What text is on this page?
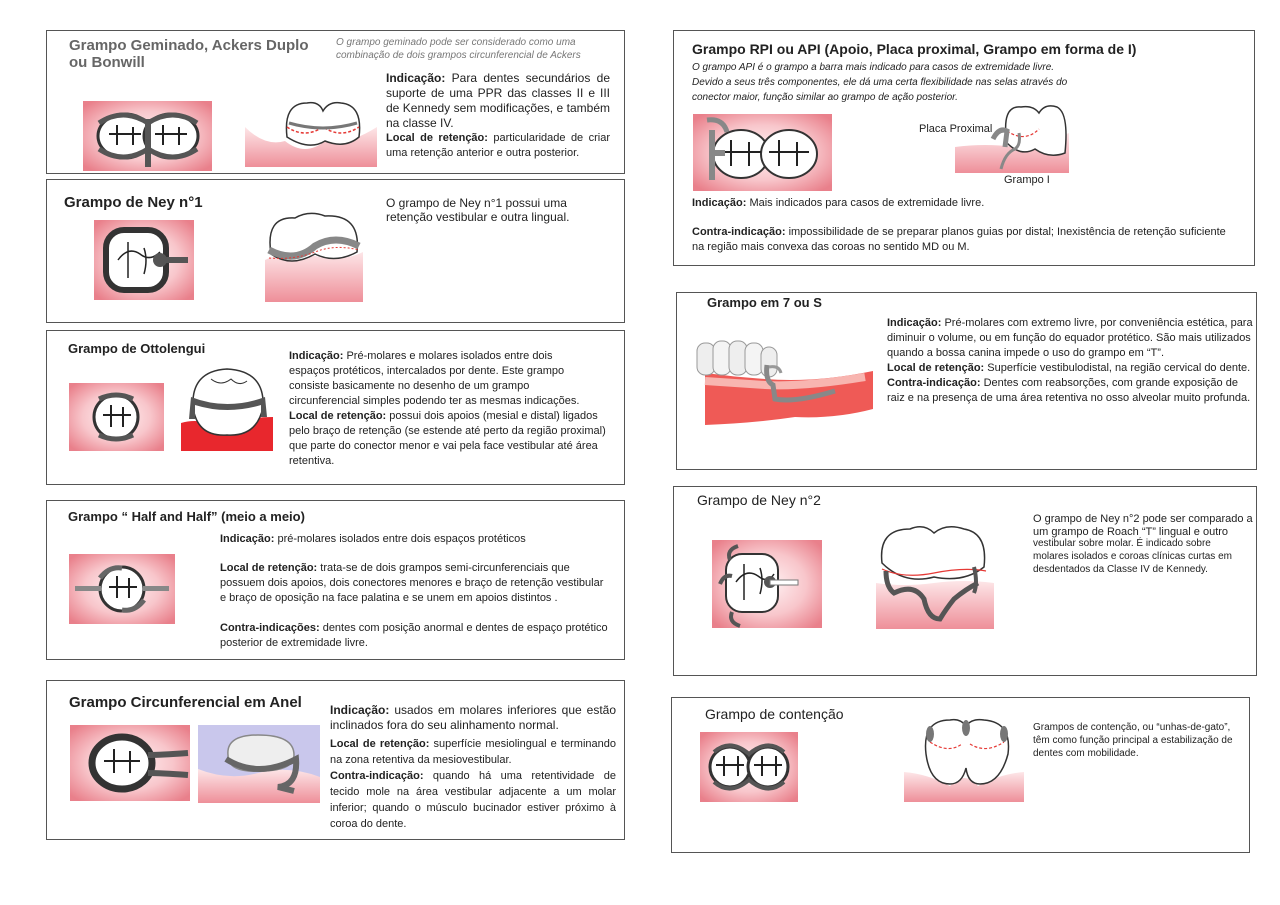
Grampo Geminado, Ackers Duplo ou Bonwill
O grampo geminado pode ser considerado como uma combinação de dois grampos circunferencial de Ackers
Indicação: Para dentes secundários de suporte de uma PPR das classes II e III de Kennedy sem modificações, e também na classe IV.
Local de retenção: particularidade de criar uma retenção anterior e outra posterior.
Grampo de Ney n°1	O grampo de Ney n°1 possui uma retenção vestibular e outra lingual.
Grampo de Ottolengui	Indicação: Pré-molares e molares isolados entre dois espaços protéticos, intercalados por dente. Este grampo consiste basicamente no desenho de um grampo circunferencial simples podendo ter as mesmas indicações.
Local de retenção: possui dois apoios (mesial e distal) ligados pelo braço de retenção (se estende até perto da região proximal) que parte do conector menor e vai pela face vestibular até área retentiva.
Grampo “ Half and Half” (meio a meio)
Indicação: pré-molares isolados entre dois espaços protéticos
Local de retenção: trata-se de dois grampos semi-circunferenciais que possuem dois apoios, dois conectores menores e braço de retenção vestibular e braço de oposição na face palatina e se unem em apoios distintos .
Contra-indicações: dentes com posição anormal e dentes de espaço protético posterior de extremidade livre.
Grampo Circunferencial em Anel Indicação: usados em molares inferiores que estão inclinados fora do seu alinhamento normal.
Local de retenção: superfície mesiolingual e terminando na zona retentiva da mesiovestibular.
Contra-indicação: quando há uma retentividade de tecido mole na área vestibular adjacente a um molar inferior; quando o músculo bucinador estiver próximo à coroa do dente.
Grampo RPI ou API (Apoio, Placa proximal, Grampo em forma de I)
O grampo API é o grampo a barra mais indicado para casos de extremidade livre. Devido a seus três componentes, ele dá uma certa flexibilidade nas selas através do conector maior, função similar ao grampo de ação posterior.
Placa Proximal
Grampo I
Indicação: Mais indicados para casos de extremidade livre.
Contra-indicação: impossibilidade de se preparar planos guias por distal; Inexistência de retenção suficiente na região mais convexa das coroas no sentido MD ou M.
Grampo em 7 ou S
Indicação: Pré-molares com extremo livre, por conveniência estética, para diminuir o volume, ou em função do equador protético. São mais utilizados quando a bossa canina impede o uso do grampo em “T”.
Local de retenção: Superfície vestibulodistal, na região cervical do dente.
Contra-indicação: Dentes com reabsorções, com grande exposição de raiz e na presença de uma área retentiva no osso alveolar muito profunda.
Grampo de Ney n°2
O grampo de Ney n°2 pode ser comparado a um grampo de Roach “T” lingual e outro
vestibular sobre molar. É indicado sobre molares isolados e coroas clínicas curtas em desdentados da Classe IV de Kennedy.
Grampo de contenção
Grampos de contenção, ou “unhas-de-gato”, têm como função principal a estabilização de dentes com mobilidade.
